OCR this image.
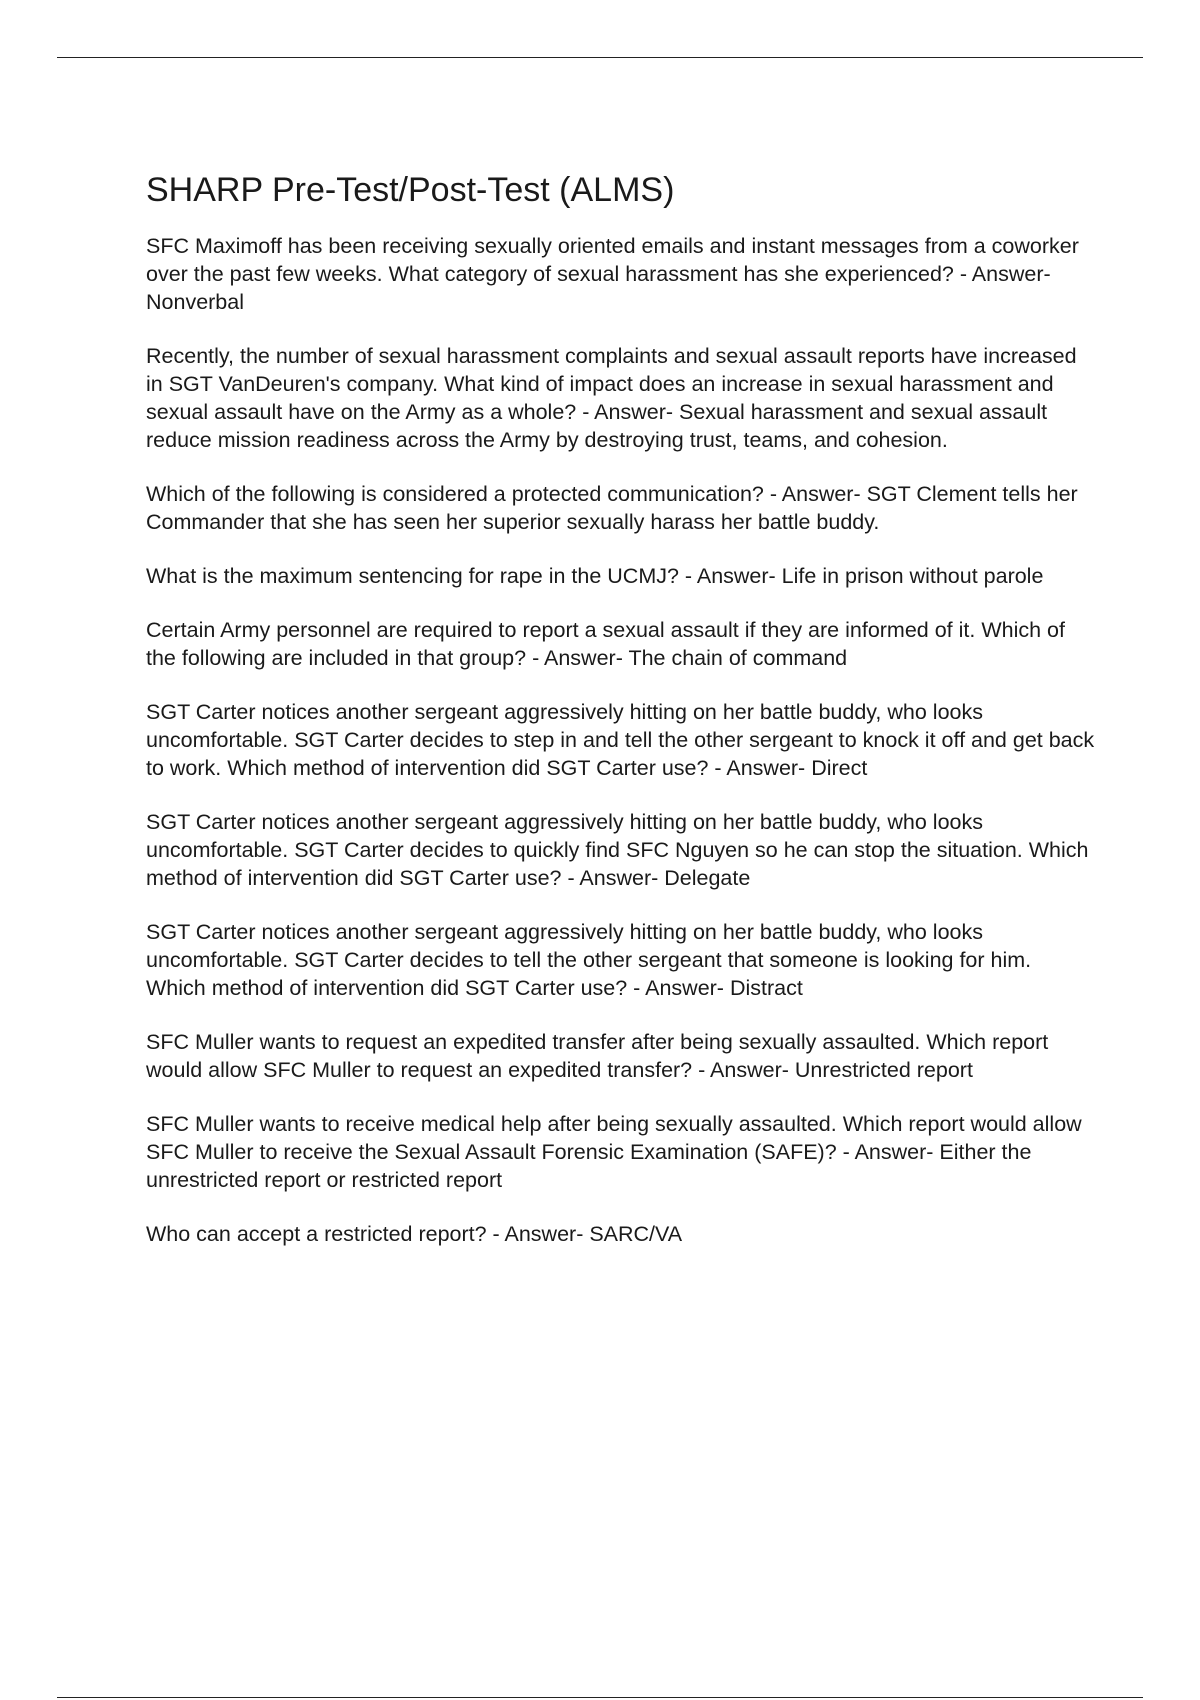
SHARP Pre-Test/Post-Test (ALMS)
SFC Maximoff has been receiving sexually oriented emails and instant messages from a coworker over the past few weeks. What category of sexual harassment has she experienced? - Answer- Nonverbal
Recently, the number of sexual harassment complaints and sexual assault reports have increased in SGT VanDeuren's company. What kind of impact does an increase in sexual harassment and sexual assault have on the Army as a whole? - Answer- Sexual harassment and sexual assault reduce mission readiness across the Army by destroying trust, teams, and cohesion.
Which of the following is considered a protected communication? - Answer- SGT Clement tells her Commander that she has seen her superior sexually harass her battle buddy.
What is the maximum sentencing for rape in the UCMJ? - Answer- Life in prison without parole
Certain Army personnel are required to report a sexual assault if they are informed of it. Which of the following are included in that group? - Answer- The chain of command
SGT Carter notices another sergeant aggressively hitting on her battle buddy, who looks uncomfortable. SGT Carter decides to step in and tell the other sergeant to knock it off and get back to work. Which method of intervention did SGT Carter use? - Answer- Direct
SGT Carter notices another sergeant aggressively hitting on her battle buddy, who looks uncomfortable. SGT Carter decides to quickly find SFC Nguyen so he can stop the situation. Which method of intervention did SGT Carter use? - Answer- Delegate
SGT Carter notices another sergeant aggressively hitting on her battle buddy, who looks uncomfortable. SGT Carter decides to tell the other sergeant that someone is looking for him. Which method of intervention did SGT Carter use? - Answer- Distract
SFC Muller wants to request an expedited transfer after being sexually assaulted. Which report would allow SFC Muller to request an expedited transfer? - Answer- Unrestricted report
SFC Muller wants to receive medical help after being sexually assaulted. Which report would allow SFC Muller to receive the Sexual Assault Forensic Examination (SAFE)? - Answer- Either the unrestricted report or restricted report
Who can accept a restricted report? - Answer- SARC/VA
